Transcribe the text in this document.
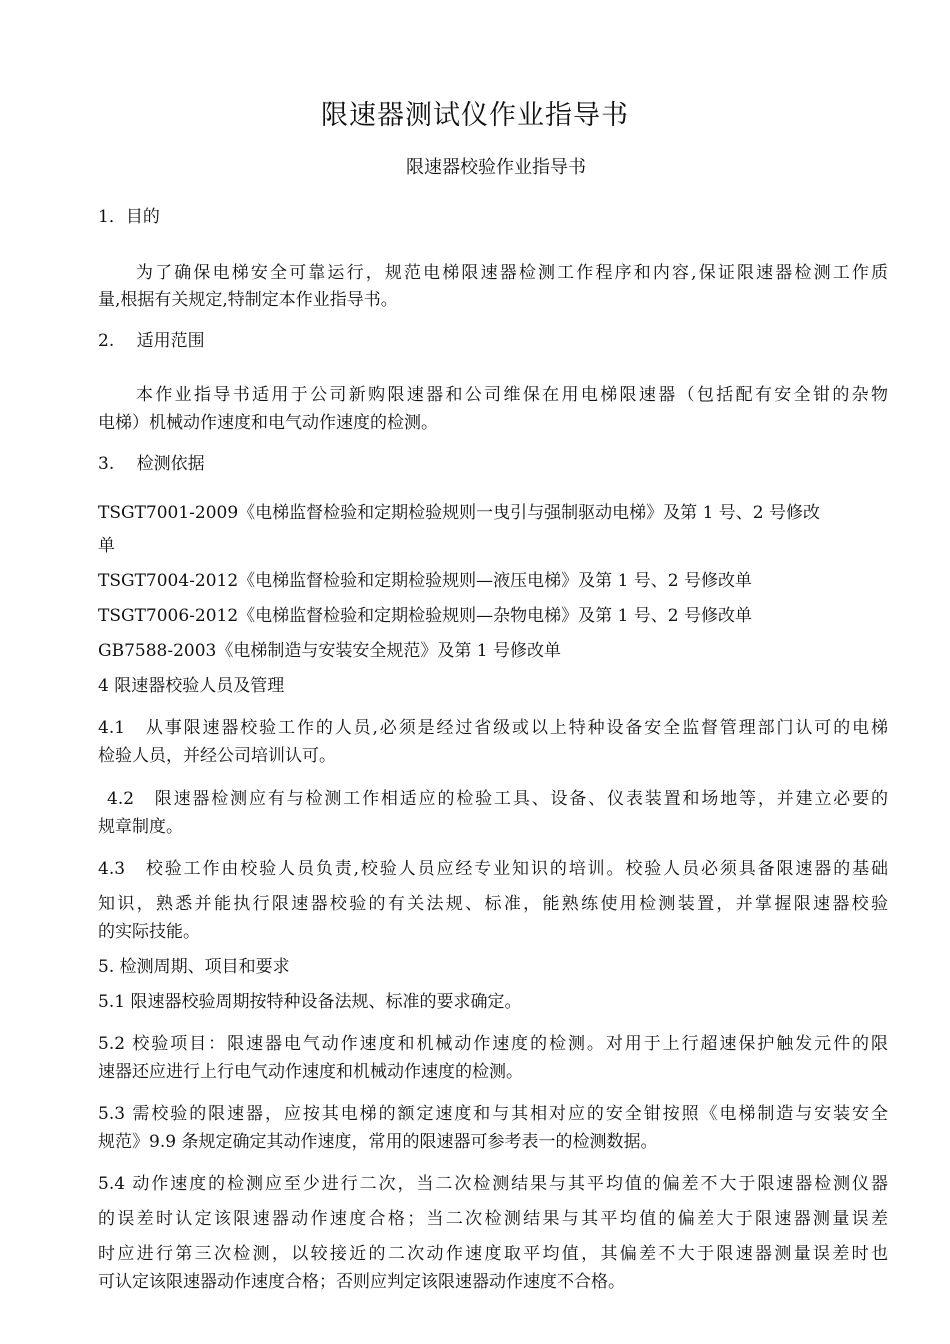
限速器测试仪作业指导书
限速器校验作业指导书
1．目的
为了确保电梯安全可靠运行，规范电梯限速器检测工作程序和内容,保证限速器检测工作质
量,根据有关规定,特制定本作业指导书。
2.　 适用范围
本作业指导书适用于公司新购限速器和公司维保在用电梯限速器（包括配有安全钳的杂物
电梯）机械动作速度和电气动作速度的检测。
3.　 检测依据
TSGT7001-2009《电梯监督检验和定期检验规则一曳引与强制驱动电梯》及第 1 号、2 号修改
单
TSGT7004-2012《电梯监督检验和定期检验规则—液压电梯》及第 1 号、2 号修改单
TSGT7006-2012《电梯监督检验和定期检验规则—杂物电梯》及第 1 号、2 号修改单
GB7588-2003《电梯制造与安装安全规范》及第 1 号修改单
4 限速器校验人员及管理
4.1　从事限速器校验工作的人员,必须是经过省级或以上特种设备安全监督管理部门认可的电梯
检验人员，并经公司培训认可。
4.2　限速器检测应有与检测工作相适应的检验工具、设备、仪表装置和场地等，并建立必要的
规章制度。
4.3　校验工作由校验人员负责,校验人员应经专业知识的培训。校验人员必须具备限速器的基础
知识，熟悉并能执行限速器校验的有关法规、标准，能熟练使用检测装置，并掌握限速器校验
的实际技能。
5. 检测周期、项目和要求
5.1 限速器校验周期按特种设备法规、标准的要求确定。
5.2 校验项目：限速器电气动作速度和机械动作速度的检测。对用于上行超速保护触发元件的限
速器还应进行上行电气动作速度和机械动作速度的检测。
5.3 需校验的限速器，应按其电梯的额定速度和与其相对应的安全钳按照《电梯制造与安装安全
规范》9.9 条规定确定其动作速度，常用的限速器可参考表一的检测数据。
5.4 动作速度的检测应至少进行二次，当二次检测结果与其平均值的偏差不大于限速器检测仪器
的误差时认定该限速器动作速度合格；当二次检测结果与其平均值的偏差大于限速器测量误差
时应进行第三次检测，以较接近的二次动作速度取平均值，其偏差不大于限速器测量误差时也
可认定该限速器动作速度合格；否则应判定该限速器动作速度不合格。
